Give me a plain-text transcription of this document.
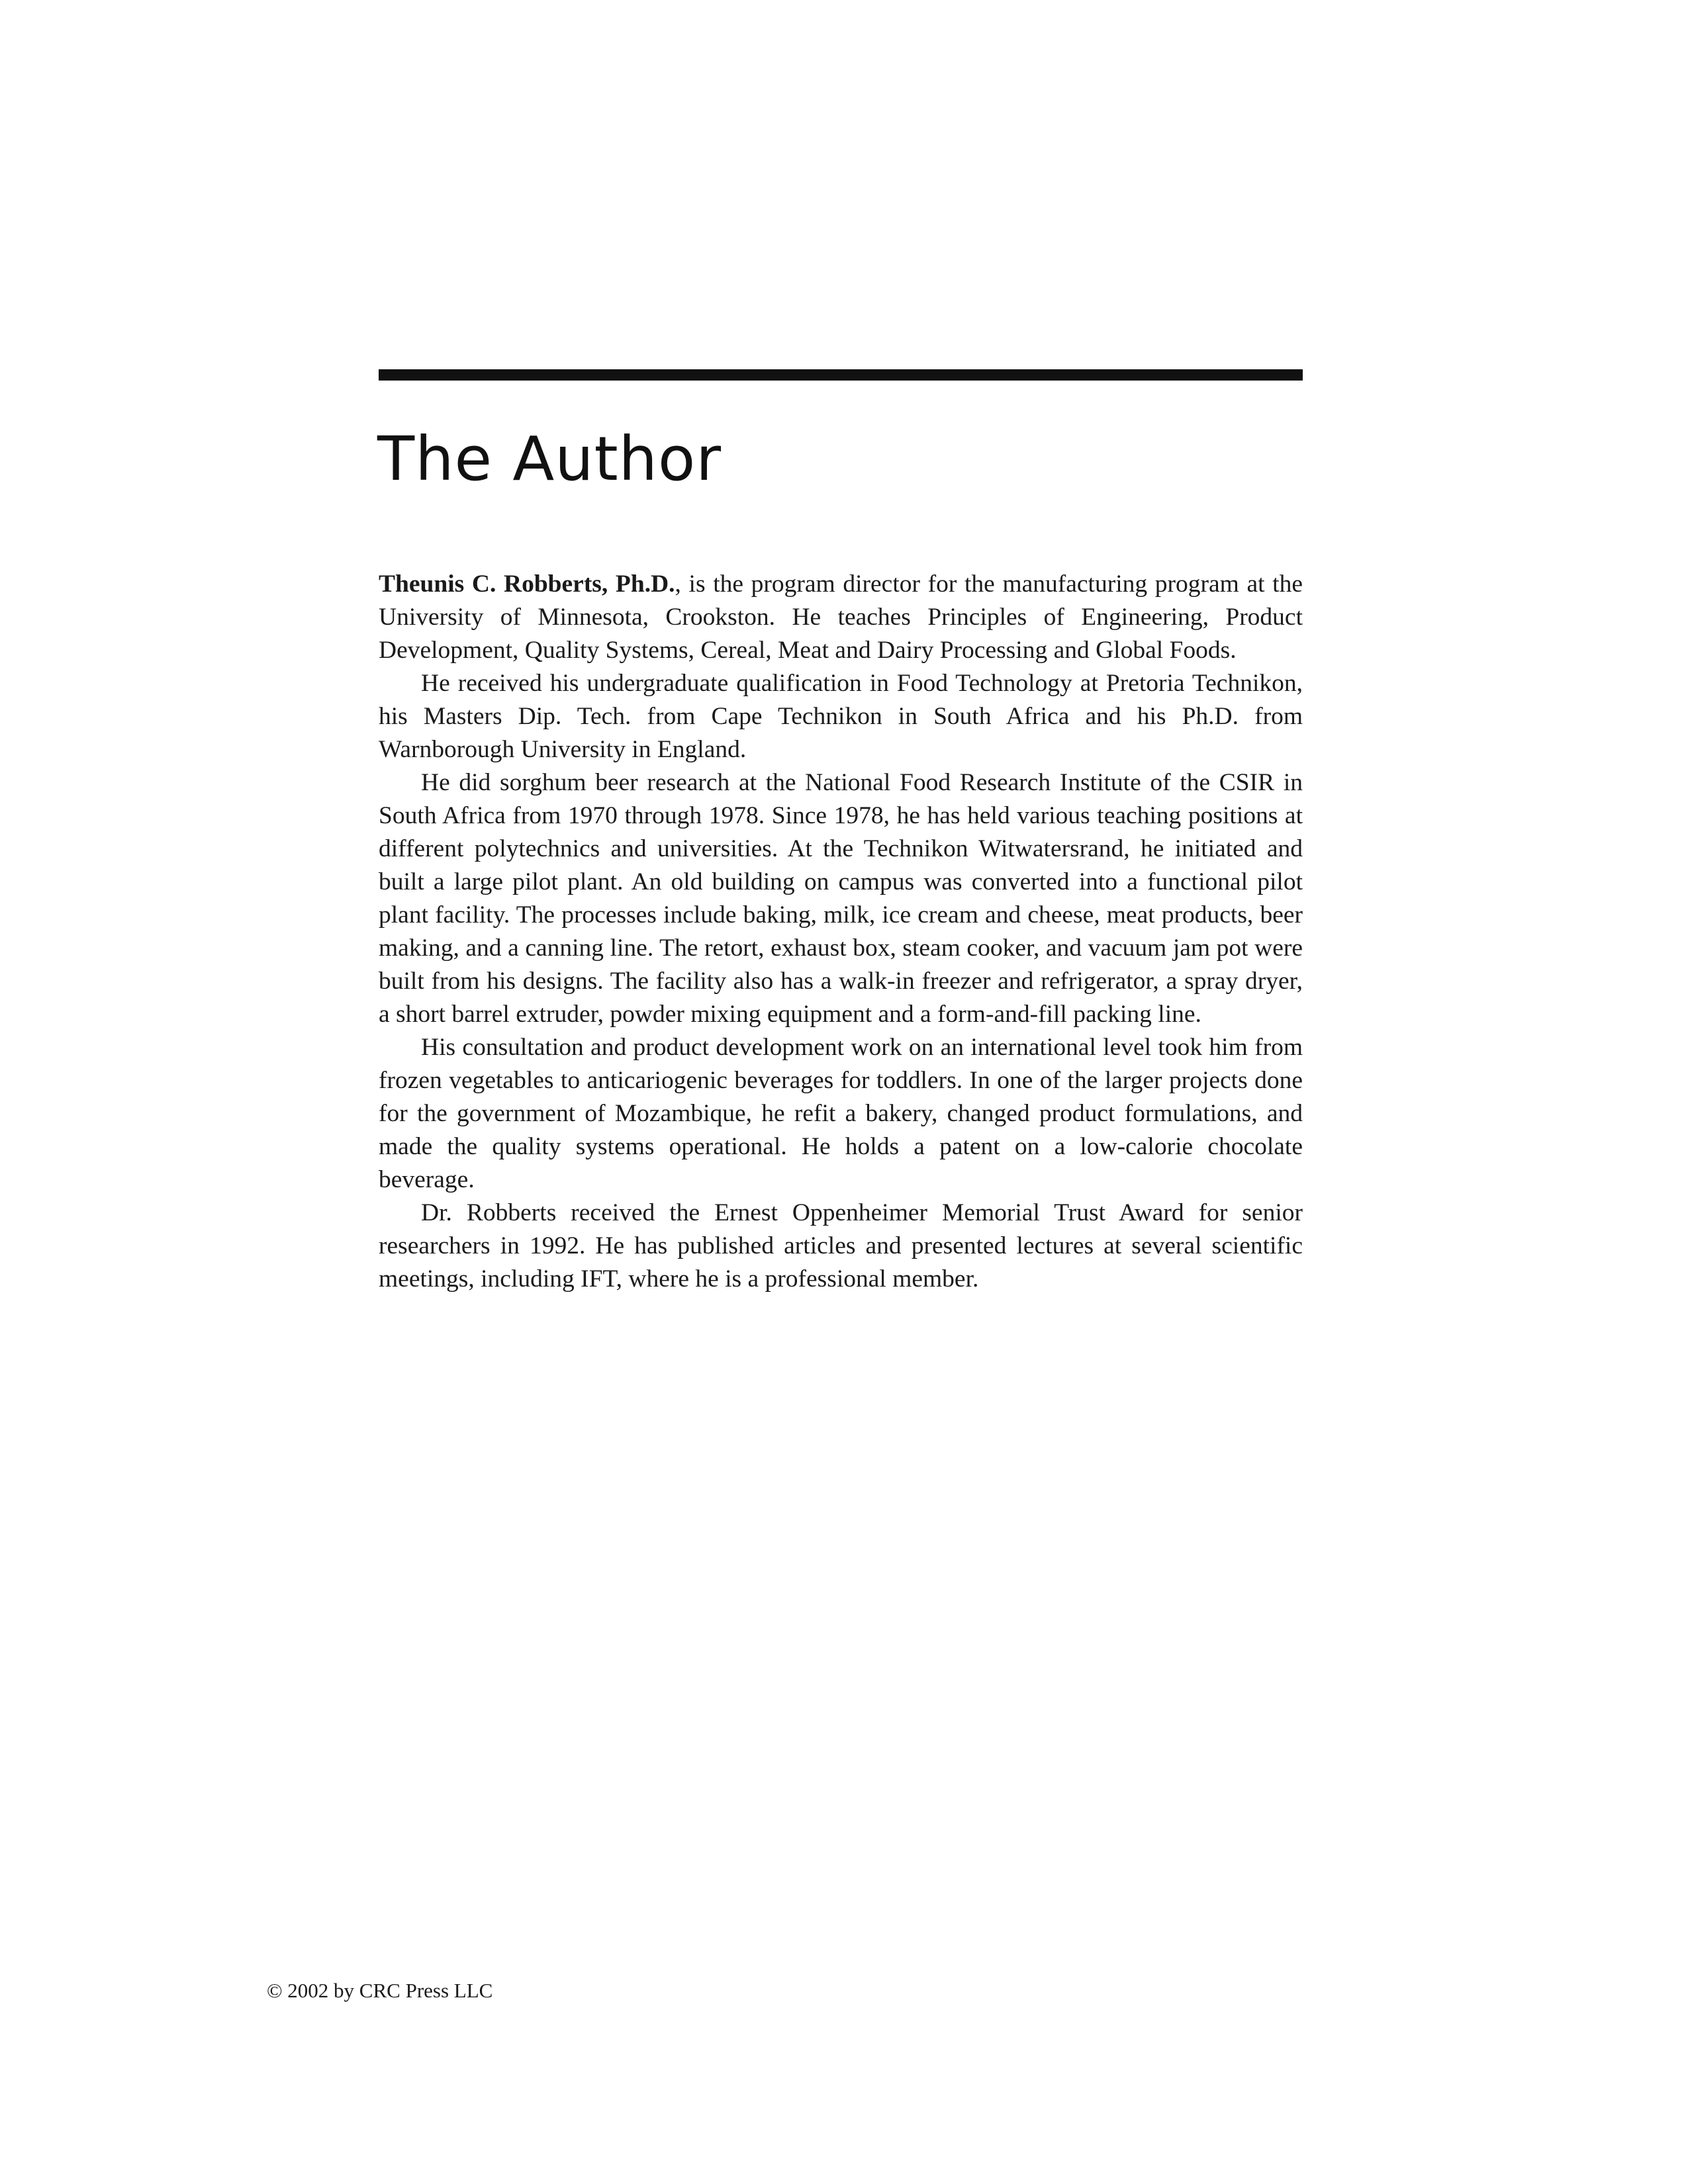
The Author

Theunis C. Robberts, Ph.D., is the program director for the manufacturing program at the University of Minnesota, Crookston. He teaches Principles of Engineering, Product Development, Quality Systems, Cereal, Meat and Dairy Processing and Global Foods.

He received his undergraduate qualification in Food Technology at Pretoria Technikon, his Masters Dip. Tech. from Cape Technikon in South Africa and his Ph.D. from Warnborough University in England.

He did sorghum beer research at the National Food Research Institute of the CSIR in South Africa from 1970 through 1978. Since 1978, he has held various teaching positions at different polytechnics and universities. At the Technikon Witwatersrand, he initiated and built a large pilot plant. An old building on campus was converted into a functional pilot plant facility. The processes include baking, milk, ice cream and cheese, meat products, beer making, and a canning line. The retort, exhaust box, steam cooker, and vacuum jam pot were built from his designs. The facility also has a walk-in freezer and refrigerator, a spray dryer, a short barrel extruder, powder mixing equipment and a form-and-fill packing line.

His consultation and product development work on an international level took him from frozen vegetables to anticariogenic beverages for toddlers. In one of the larger projects done for the government of Mozambique, he refit a bakery, changed product formulations, and made the quality systems operational. He holds a patent on a low-calorie chocolate beverage.

Dr. Robberts received the Ernest Oppenheimer Memorial Trust Award for senior researchers in 1992. He has published articles and presented lectures at several scientific meetings, including IFT, where he is a professional member.

© 2002 by CRC Press LLC
